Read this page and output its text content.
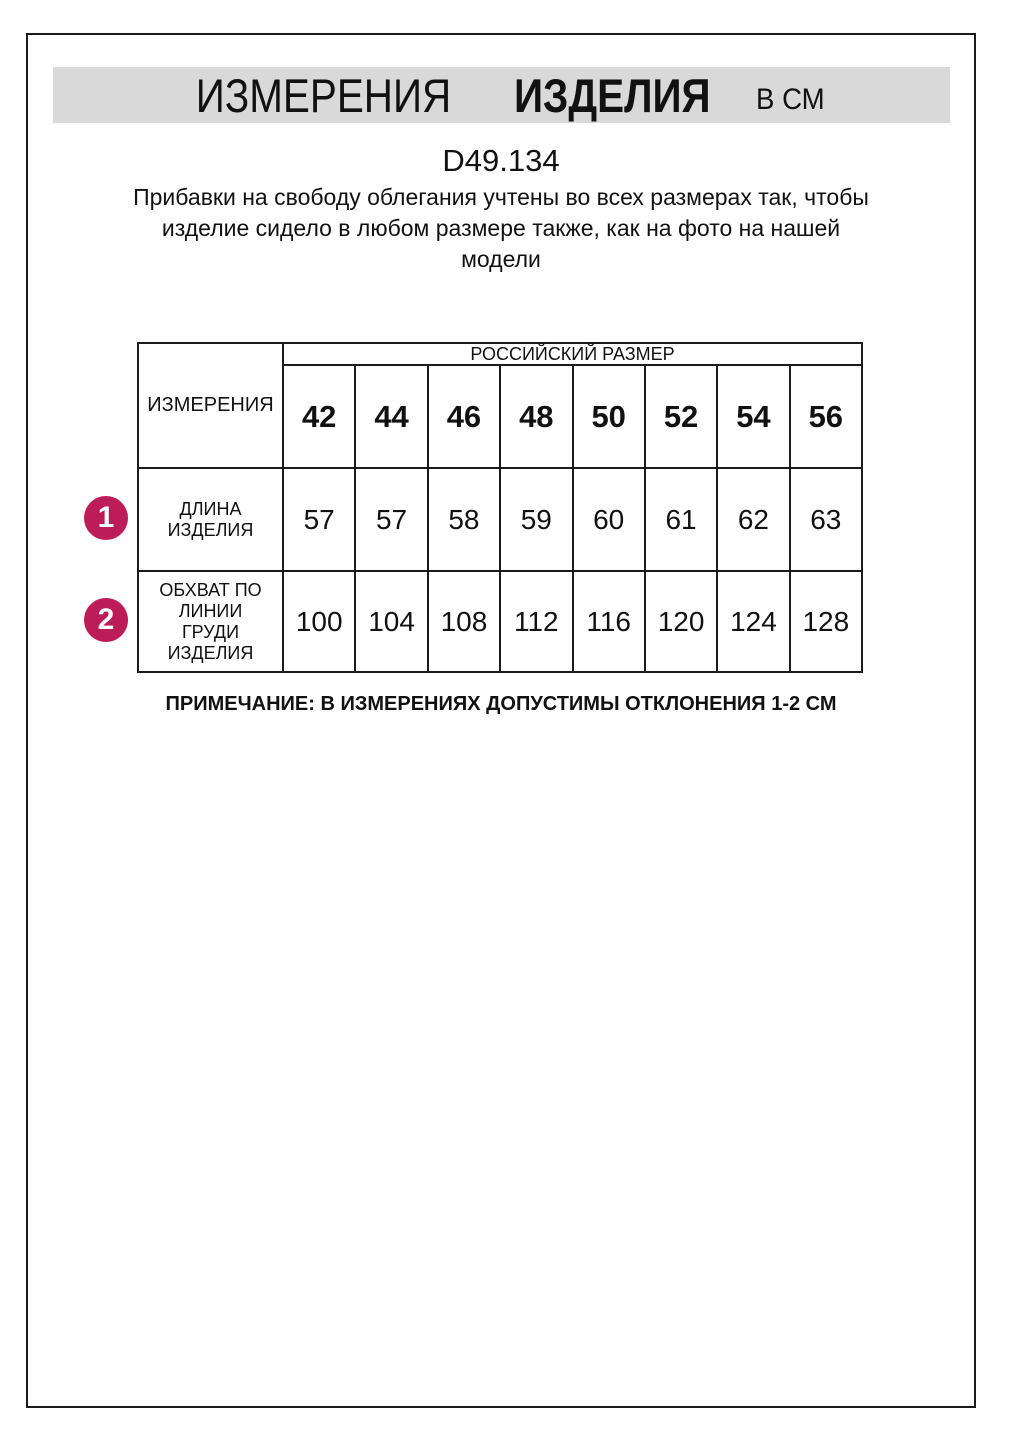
ИЗМЕРЕНИЯ ИЗДЕЛИЯ В СМ
D49.134
Прибавки на свободу облегания учтены во всех размерах так, чтобы
изделие сидело в любом размере также, как на фото на нашей
модели
ИЗМЕРЕНИЯ	РОССИЙСКИЙ РАЗМЕР							
	42	44	46	48	50	52	54	56
ДЛИНА ИЗДЕЛИЯ	57	57	58	59	60	61	62	63
ОБХВАТ ПО ЛИНИИ ГРУДИ ИЗДЕЛИЯ	100	104	108	112	116	120	124	128
1
2
ПРИМЕЧАНИЕ: В ИЗМЕРЕНИЯХ ДОПУСТИМЫ ОТКЛОНЕНИЯ 1-2 СМ
